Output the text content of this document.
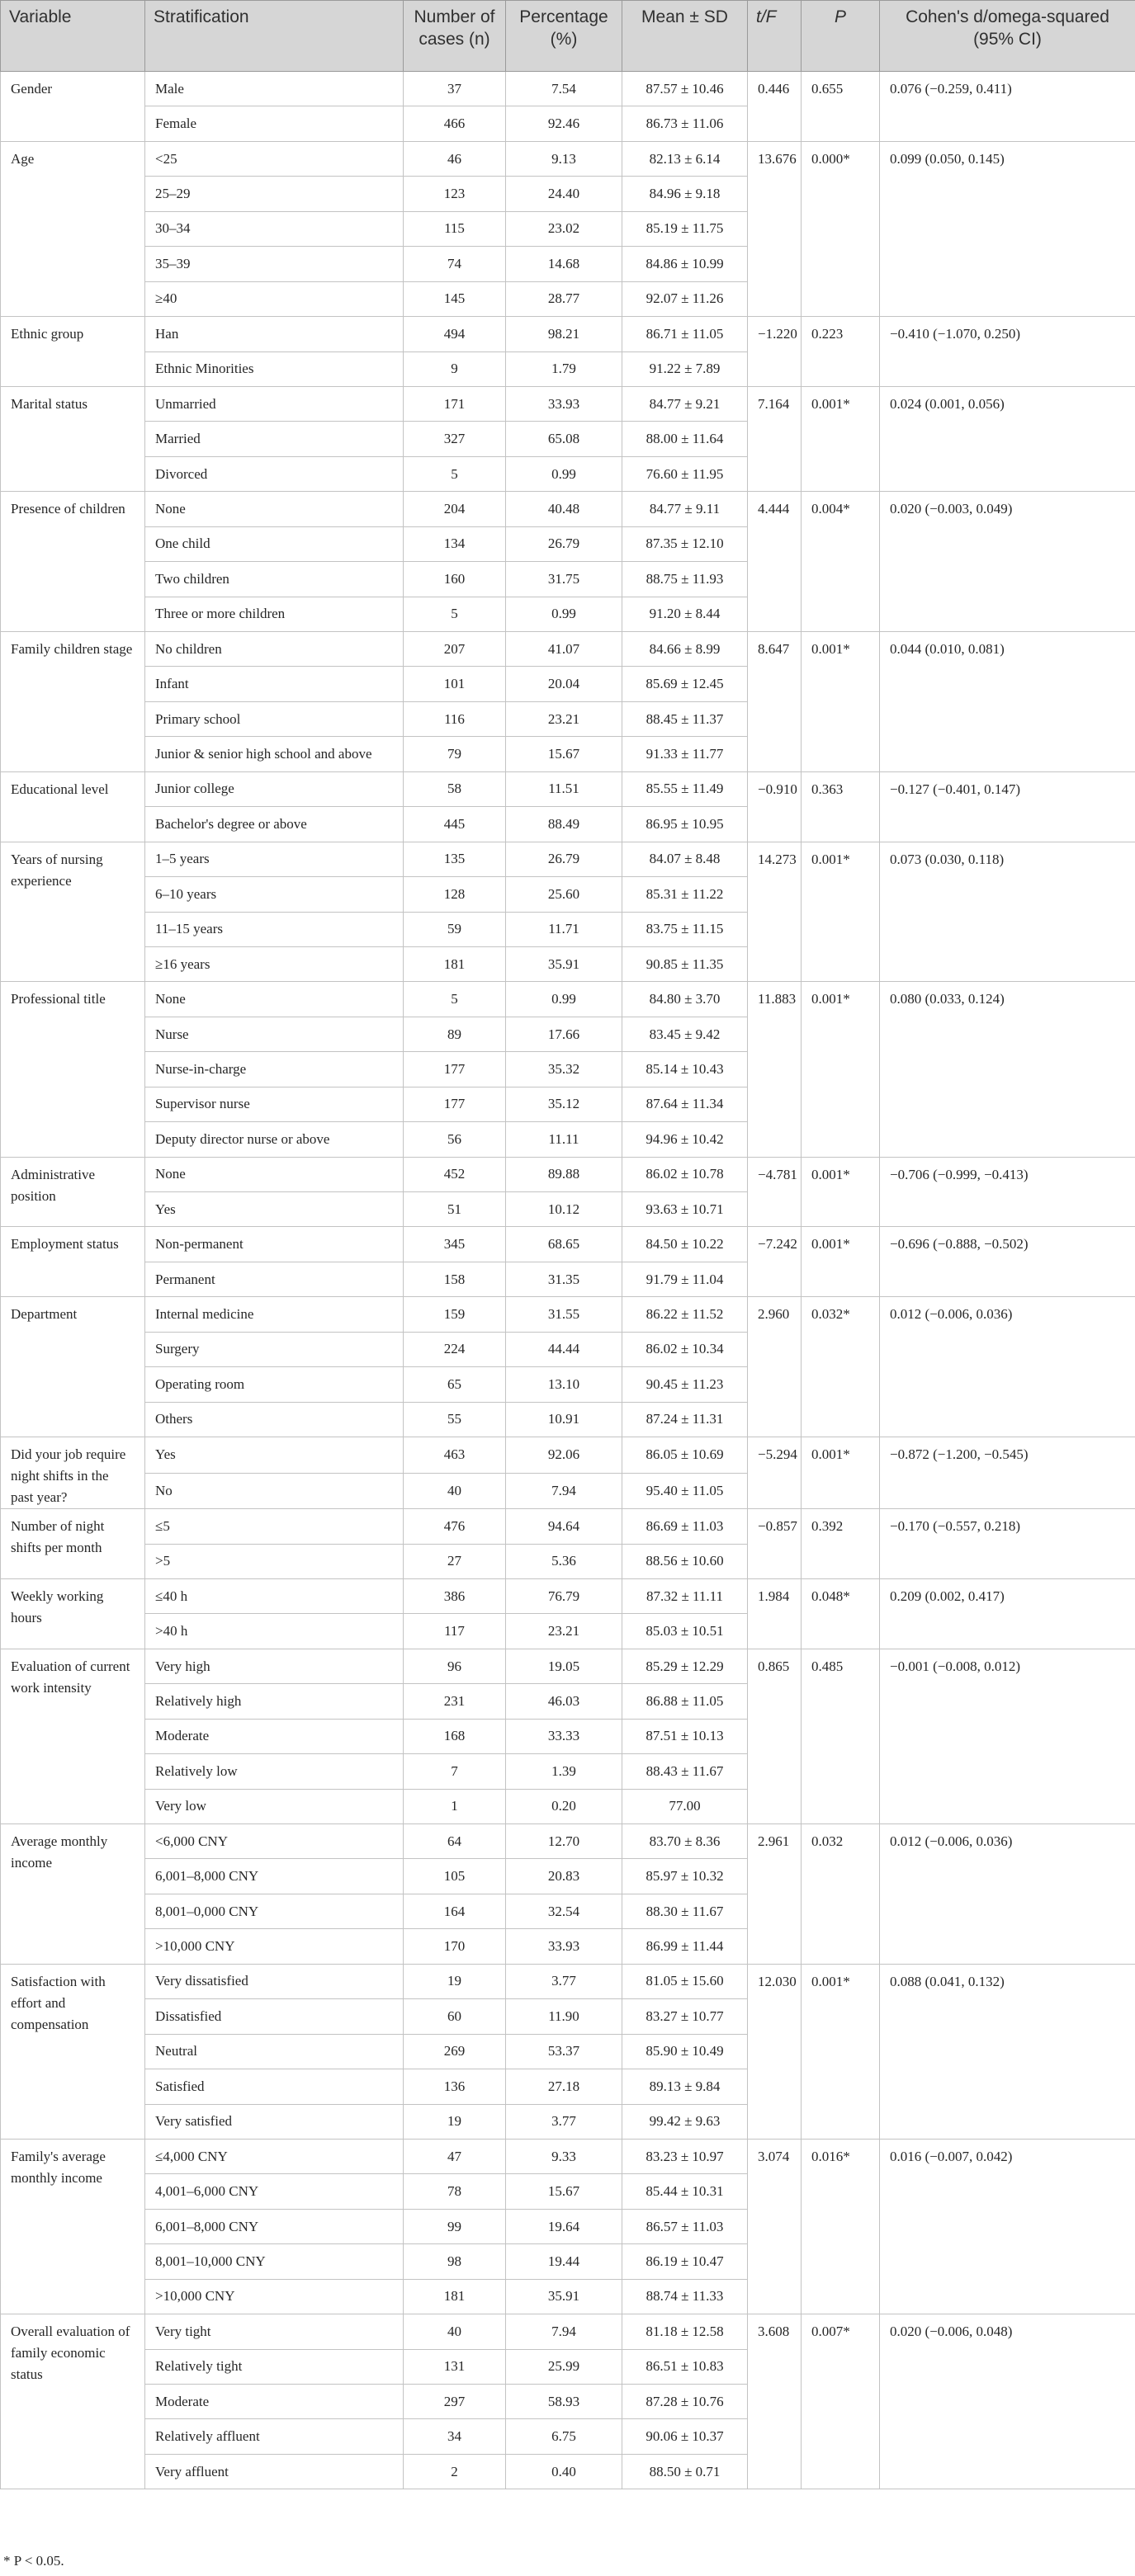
Variable	Stratification	Number of cases (n)	Percentage (%)	Mean ± SD	t/F	P	Cohen's d/omega-squared (95% CI)
Gender	Male	37	7.54	87.57 ± 10.46	0.446	0.655	0.076 (−0.259, 0.411)
	Female	466	92.46	86.73 ± 11.06			
Age	<25	46	9.13	82.13 ± 6.14	13.676	0.000*	0.099 (0.050, 0.145)
	25–29	123	24.40	84.96 ± 9.18			
	30–34	115	23.02	85.19 ± 11.75			
	35–39	74	14.68	84.86 ± 10.99			
	≥40	145	28.77	92.07 ± 11.26			
Ethnic group	Han	494	98.21	86.71 ± 11.05	−1.220	0.223	−0.410 (−1.070, 0.250)
	Ethnic Minorities	9	1.79	91.22 ± 7.89			
Marital status	Unmarried	171	33.93	84.77 ± 9.21	7.164	0.001*	0.024 (0.001, 0.056)
	Married	327	65.08	88.00 ± 11.64			
	Divorced	5	0.99	76.60 ± 11.95			
Presence of children	None	204	40.48	84.77 ± 9.11	4.444	0.004*	0.020 (−0.003, 0.049)
	One child	134	26.79	87.35 ± 12.10			
	Two children	160	31.75	88.75 ± 11.93			
	Three or more children	5	0.99	91.20 ± 8.44			
Family children stage	No children	207	41.07	84.66 ± 8.99	8.647	0.001*	0.044 (0.010, 0.081)
	Infant	101	20.04	85.69 ± 12.45			
	Primary school	116	23.21	88.45 ± 11.37			
	Junior & senior high school and above	79	15.67	91.33 ± 11.77			
Educational level	Junior college	58	11.51	85.55 ± 11.49	−0.910	0.363	−0.127 (−0.401, 0.147)
	Bachelor's degree or above	445	88.49	86.95 ± 10.95			
Years of nursing experience	1–5 years	135	26.79	84.07 ± 8.48	14.273	0.001*	0.073 (0.030, 0.118)
	6–10 years	128	25.60	85.31 ± 11.22			
	11–15 years	59	11.71	83.75 ± 11.15			
	≥16 years	181	35.91	90.85 ± 11.35			
Professional title	None	5	0.99	84.80 ± 3.70	11.883	0.001*	0.080 (0.033, 0.124)
	Nurse	89	17.66	83.45 ± 9.42			
	Nurse-in-charge	177	35.32	85.14 ± 10.43			
	Supervisor nurse	177	35.12	87.64 ± 11.34			
	Deputy director nurse or above	56	11.11	94.96 ± 10.42			
Administrative position	None	452	89.88	86.02 ± 10.78	−4.781	0.001*	−0.706 (−0.999, −0.413)
	Yes	51	10.12	93.63 ± 10.71			
Employment status	Non-permanent	345	68.65	84.50 ± 10.22	−7.242	0.001*	−0.696 (−0.888, −0.502)
	Permanent	158	31.35	91.79 ± 11.04			
Department	Internal medicine	159	31.55	86.22 ± 11.52	2.960	0.032*	0.012 (−0.006, 0.036)
	Surgery	224	44.44	86.02 ± 10.34			
	Operating room	65	13.10	90.45 ± 11.23			
	Others	55	10.91	87.24 ± 11.31			
Did your job require night shifts in the past year?	Yes	463	92.06	86.05 ± 10.69	−5.294	0.001*	−0.872 (−1.200, −0.545)
	No	40	7.94	95.40 ± 11.05			
Number of night shifts per month	≤5	476	94.64	86.69 ± 11.03	−0.857	0.392	−0.170 (−0.557, 0.218)
	>5	27	5.36	88.56 ± 10.60			
Weekly working hours	≤40 h	386	76.79	87.32 ± 11.11	1.984	0.048*	0.209 (0.002, 0.417)
	>40 h	117	23.21	85.03 ± 10.51			
Evaluation of current work intensity	Very high	96	19.05	85.29 ± 12.29	0.865	0.485	−0.001 (−0.008, 0.012)
	Relatively high	231	46.03	86.88 ± 11.05			
	Moderate	168	33.33	87.51 ± 10.13			
	Relatively low	7	1.39	88.43 ± 11.67			
	Very low	1	0.20	77.00			
Average monthly income	<6,000 CNY	64	12.70	83.70 ± 8.36	2.961	0.032	0.012 (−0.006, 0.036)
	6,001–8,000 CNY	105	20.83	85.97 ± 10.32			
	8,001–0,000 CNY	164	32.54	88.30 ± 11.67			
	>10,000 CNY	170	33.93	86.99 ± 11.44			
Satisfaction with effort and compensation	Very dissatisfied	19	3.77	81.05 ± 15.60	12.030	0.001*	0.088 (0.041, 0.132)
	Dissatisfied	60	11.90	83.27 ± 10.77			
	Neutral	269	53.37	85.90 ± 10.49			
	Satisfied	136	27.18	89.13 ± 9.84			
	Very satisfied	19	3.77	99.42 ± 9.63			
Family's average monthly income	≤4,000 CNY	47	9.33	83.23 ± 10.97	3.074	0.016*	0.016 (−0.007, 0.042)
	4,001–6,000 CNY	78	15.67	85.44 ± 10.31			
	6,001–8,000 CNY	99	19.64	86.57 ± 11.03			
	8,001–10,000 CNY	98	19.44	86.19 ± 10.47			
	>10,000 CNY	181	35.91	88.74 ± 11.33			
Overall evaluation of family economic status	Very tight	40	7.94	81.18 ± 12.58	3.608	0.007*	0.020 (−0.006, 0.048)
	Relatively tight	131	25.99	86.51 ± 10.83			
	Moderate	297	58.93	87.28 ± 10.76			
	Relatively affluent	34	6.75	90.06 ± 10.37			
	Very affluent	2	0.40	88.50 ± 0.71			
* P < 0.05.
